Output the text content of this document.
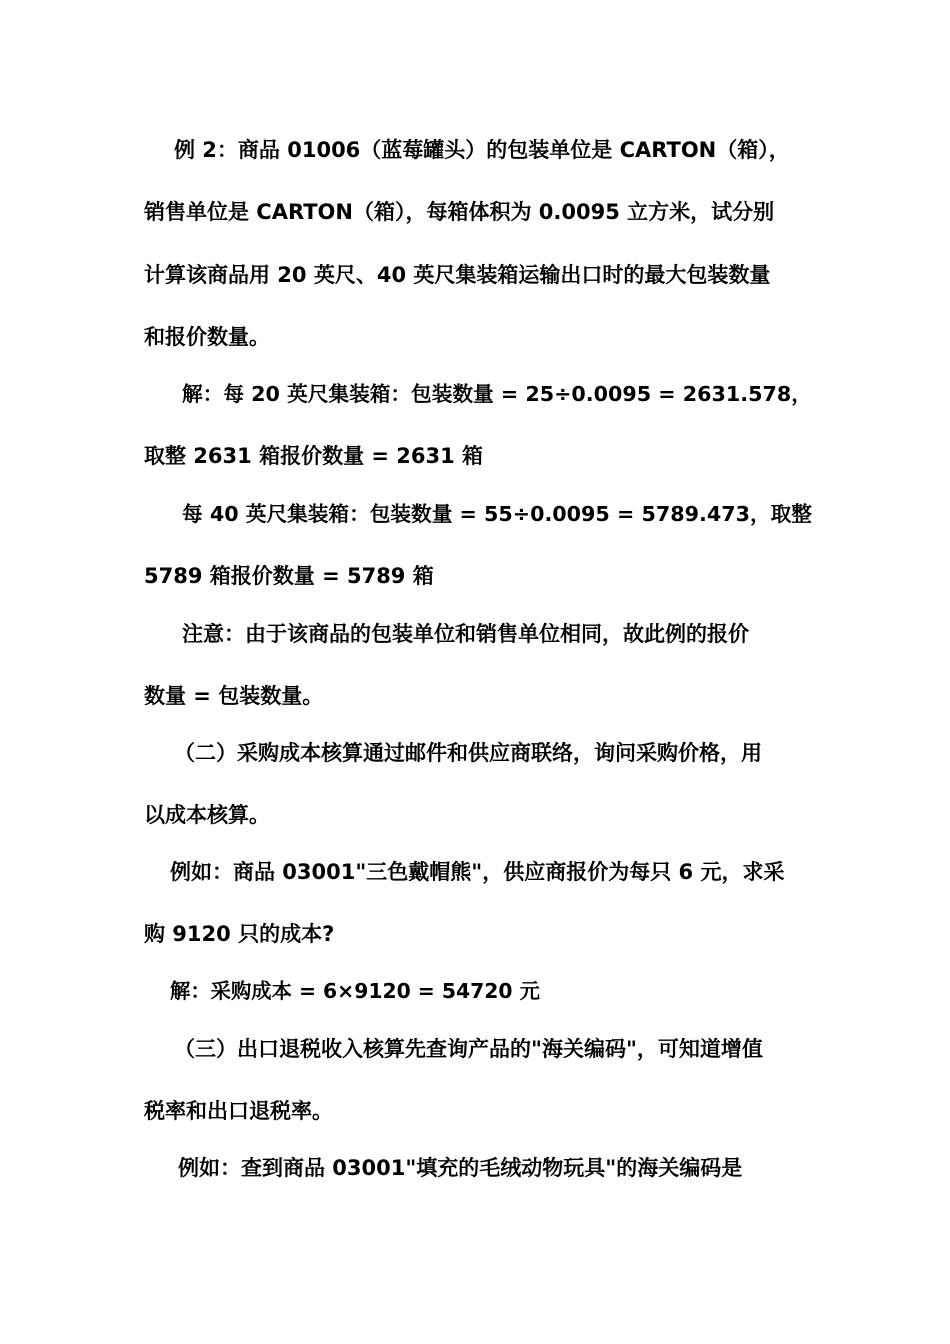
例 2：商品 01006（蓝莓罐头）的包装单位是 CARTON（箱），
销售单位是 CARTON（箱），每箱体积为 0.0095 立方米，试分别
计算该商品用 20 英尺、40 英尺集装箱运输出口时的最大包装数量
和报价数量。
解：每 20 英尺集装箱：包装数量 = 25÷0.0095 = 2631.578，
取整 2631 箱报价数量 = 2631 箱
每 40 英尺集装箱：包装数量 = 55÷0.0095 = 5789.473，取整
5789 箱报价数量 = 5789 箱
注意：由于该商品的包装单位和销售单位相同，故此例的报价
数量 = 包装数量。
（二）采购成本核算通过邮件和供应商联络，询问采购价格，用
以成本核算。
例如：商品 03001"三色戴帽熊"，供应商报价为每只 6 元，求采
购 9120 只的成本?
解：采购成本 = 6×9120 = 54720 元
（三）出口退税收入核算先查询产品的"海关编码"，可知道增值
税率和出口退税率。
例如：查到商品 03001"填充的毛绒动物玩具"的海关编码是
